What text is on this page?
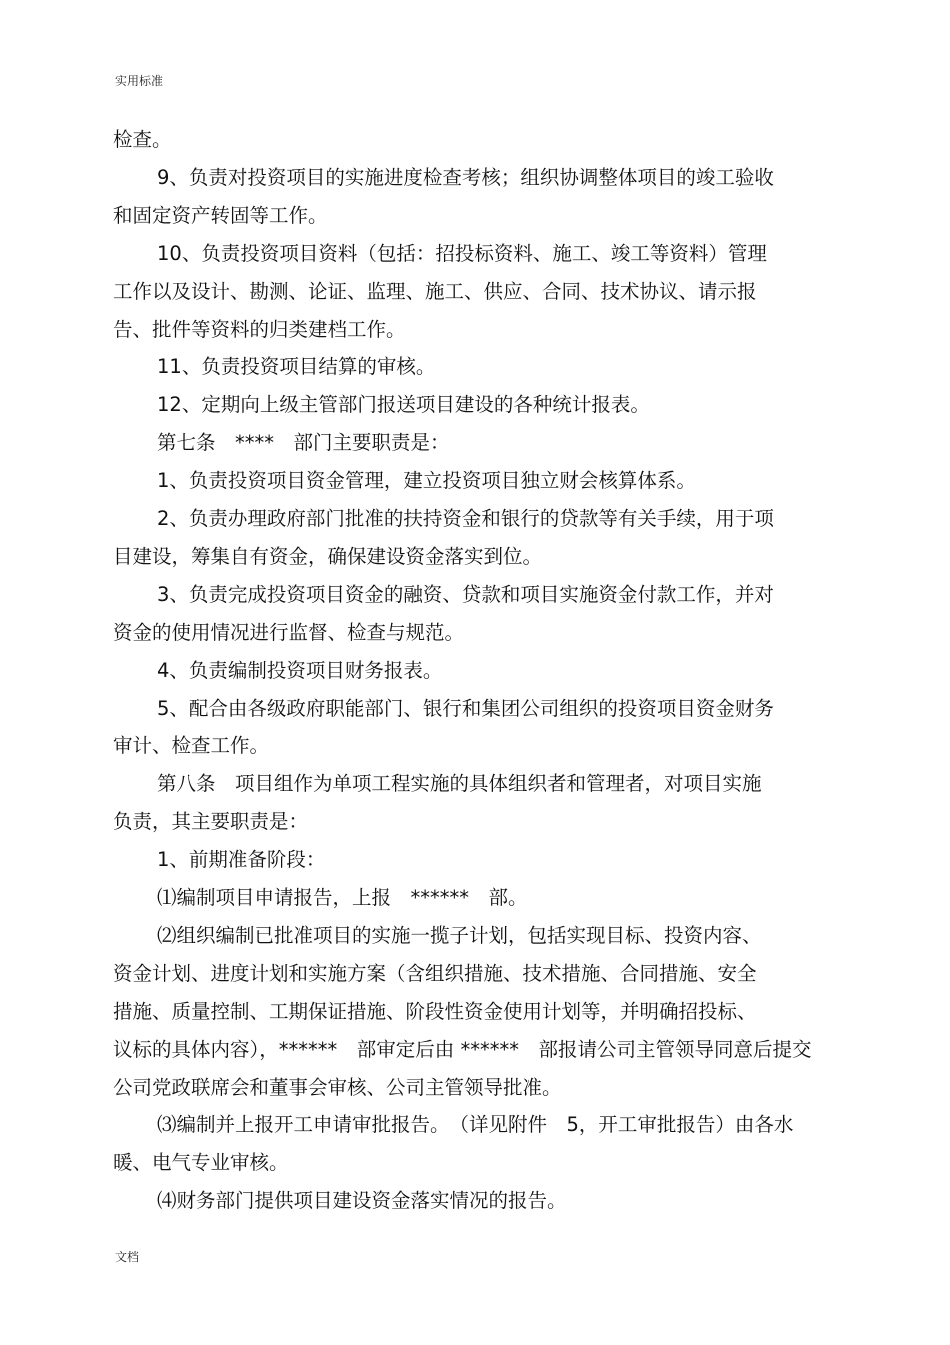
实用标准
检查。
9、负责对投资项目的实施进度检查考核；组织协调整体项目的竣工验收
和固定资产转固等工作。
10、负责投资项目资料（包括：招投标资料、施工、竣工等资料）管理
工作以及设计、勘测、论证、监理、施工、供应、合同、技术协议、请示报
告、批件等资料的归类建档工作。
11、负责投资项目结算的审核。
12、定期向上级主管部门报送项目建设的各种统计报表。
第七条　****　部门主要职责是：
1、负责投资项目资金管理，建立投资项目独立财会核算体系。
2、负责办理政府部门批准的扶持资金和银行的贷款等有关手续，用于项
目建设，筹集自有资金，确保建设资金落实到位。
3、负责完成投资项目资金的融资、贷款和项目实施资金付款工作，并对
资金的使用情况进行监督、检查与规范。
4、负责编制投资项目财务报表。
5、配合由各级政府职能部门、银行和集团公司组织的投资项目资金财务
审计、检查工作。
第八条　项目组作为单项工程实施的具体组织者和管理者，对项目实施
负责，其主要职责是：
1、前期准备阶段：
⑴编制项目申请报告，上报　******　部。
⑵组织编制已批准项目的实施一揽子计划，包括实现目标、投资内容、
资金计划、进度计划和实施方案（含组织措施、技术措施、合同措施、安全
措施、质量控制、工期保证措施、阶段性资金使用计划等，并明确招投标、
议标的具体内容），******　部审定后由 ******　部报请公司主管领导同意后提交
公司党政联席会和董事会审核、公司主管领导批准。
⑶编制并上报开工申请审批报告。　（详见附件　5，开工审批报告）由各水
暖、电气专业审核。
⑷财务部门提供项目建设资金落实情况的报告。
文档
